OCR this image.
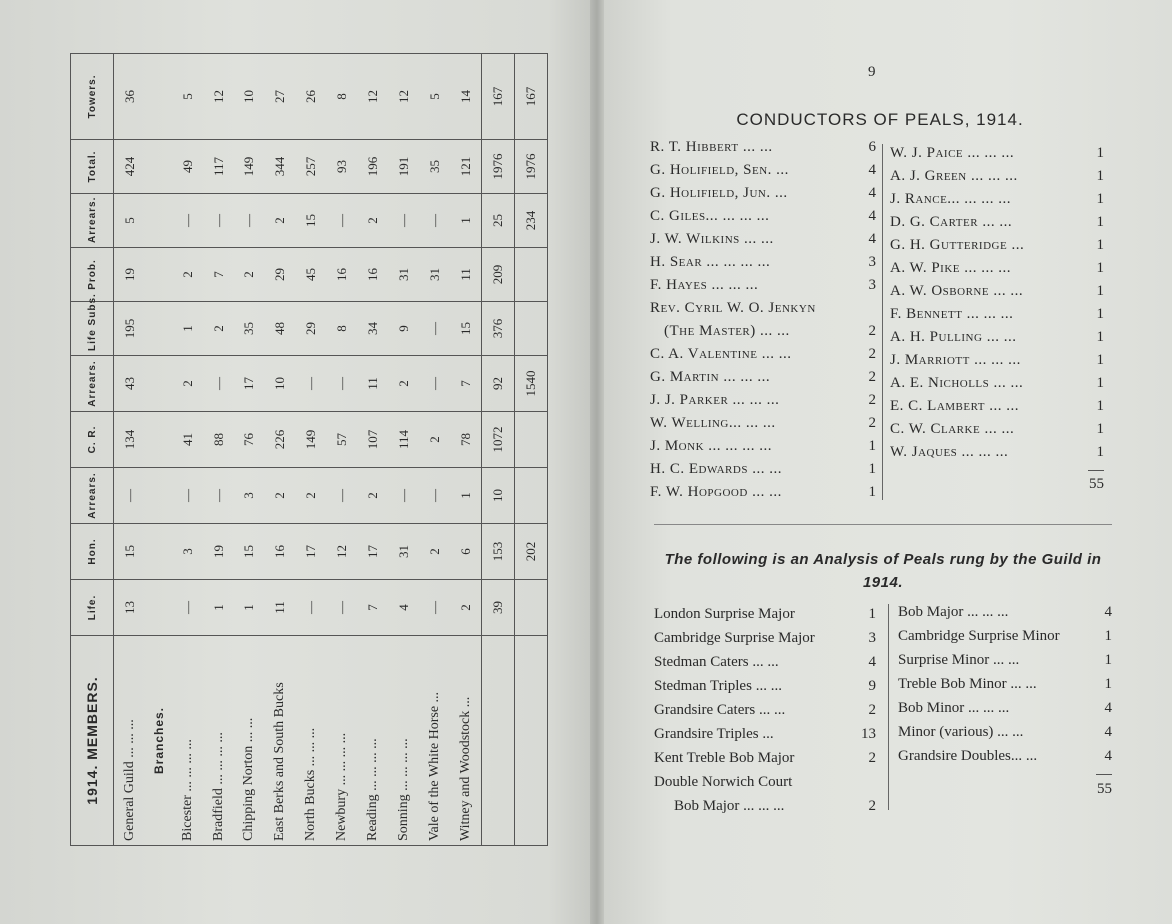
1914. MEMBERS.	Life.	Hon.	Arrears.	C. R.	Arrears.	Life Subs.	Prob.	Arrears.	Total.	Towers.
General Guild ... ... ...	13	15	—	134	43	195	19	5	424	36
Branches.										
Bicester ... ... ... ...	—	3	—	41	2	1	2	—	49	5
Bradfield ... ... ... ...	1	19	—	88	—	2	7	—	117	12
Chipping Norton ... ...	1	15	3	76	17	35	2	—	149	10
East Berks and South Bucks	11	16	2	226	10	48	29	2	344	27
North Bucks ... ... ...	—	17	2	149	—	29	45	15	257	26
Newbury ... ... ... ...	—	12	—	57	—	8	16	—	93	8
Reading ... ... ... ...	7	17	2	107	11	34	16	2	196	12
Sonning ... ... ... ...	4	31	—	114	2	9	31	—	191	12
Vale of the White Horse ...	—	2	—	2	—	—	31	—	35	5
Witney and Woodstock ...	2	6	1	78	7	15	11	1	121	14
	39	153	10	1072	92	376	209	25	1976	167
		202			1540			234	1976	167
9
CONDUCTORS OF PEALS, 1914.
R. T. Hibbert ... ...	6
G. Holifield, Sen. ...	4
G. Holifield, Jun. ...	4
C. Giles... ... ... ...	4
J. W. Wilkins ... ...	4
H. Sear ... ... ... ...	3
F. Hayes ... ... ...	3
Rev. Cyril W. O. Jenkyn
(The Master) ... ...	2
C. A. Valentine ... ...	2
G. Martin ... ... ...	2
J. J. Parker ... ... ...	2
W. Welling... ... ...	2
J. Monk ... ... ... ...	1
H. C. Edwards ... ...	1
F. W. Hopgood ... ...	1
W. J. Paice ... ... ...	1
A. J. Green ... ... ...	1
J. Rance... ... ... ...	1
D. G. Carter ... ...	1
G. H. Gutteridge ...	1
A. W. Pike ... ... ...	1
A. W. Osborne ... ...	1
F. Bennett ... ... ...	1
A. H. Pulling ... ...	1
J. Marriott ... ... ...	1
A. E. Nicholls ... ...	1
E. C. Lambert ... ...	1
C. W. Clarke ... ...	1
W. Jaques ... ... ...	1
55
The following is an Analysis of Peals rung by the Guild in 1914.
London Surprise Major	1
Cambridge Surprise Major	3
Stedman Caters ... ...	4
Stedman Triples ... ...	9
Grandsire Caters ... ...	2
Grandsire Triples ...	13
Kent Treble Bob Major	2
Double Norwich Court
Bob Major ... ... ...	2
Bob Major ... ... ...	4
Cambridge Surprise Minor	1
Surprise Minor ... ...	1
Treble Bob Minor ... ...	1
Bob Minor ... ... ...	4
Minor (various) ... ...	4
Grandsire Doubles... ...	4
55
